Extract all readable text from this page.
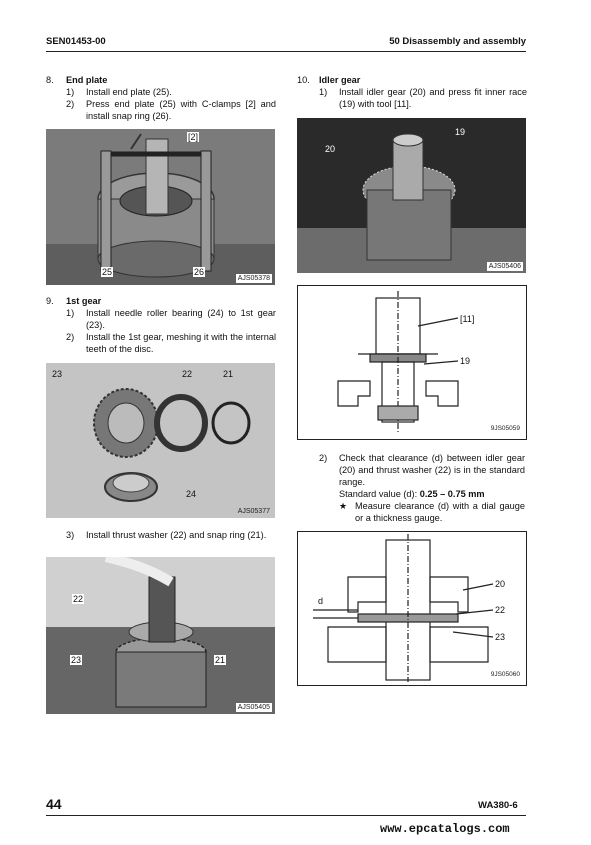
SEN01453-00	50 Disassembly and assembly
8.	End plate
1)	Install end plate (25).
2)	Press end plate (25) with C-clamps [2] and install snap ring (26).
[2]
25	26
AJS05378
9.	1st gear
1)	Install needle roller bearing (24) to 1st gear (23).
2)	Install the 1st gear, meshing it with the internal teeth of the disc.
23	22	21
24
AJS05377
3)	Install thrust washer (22) and snap ring (21).
22
23	21
AJS05405
10.	Idler gear
1)	Install idler gear (20) and press fit inner race (19) with tool [11].
19
20
AJS05406
[11]
19
9JS05059
2)	Check that clearance (d) between idler gear (20) and thrust washer (22) is in the standard range.
Standard value (d): 0.25 – 0.75 mm
★ Measure clearance (d) with a dial gauge or a thickness gauge.
d
20
22
23
9JS05060
44	WA380-6
www.epcatalogs.com
